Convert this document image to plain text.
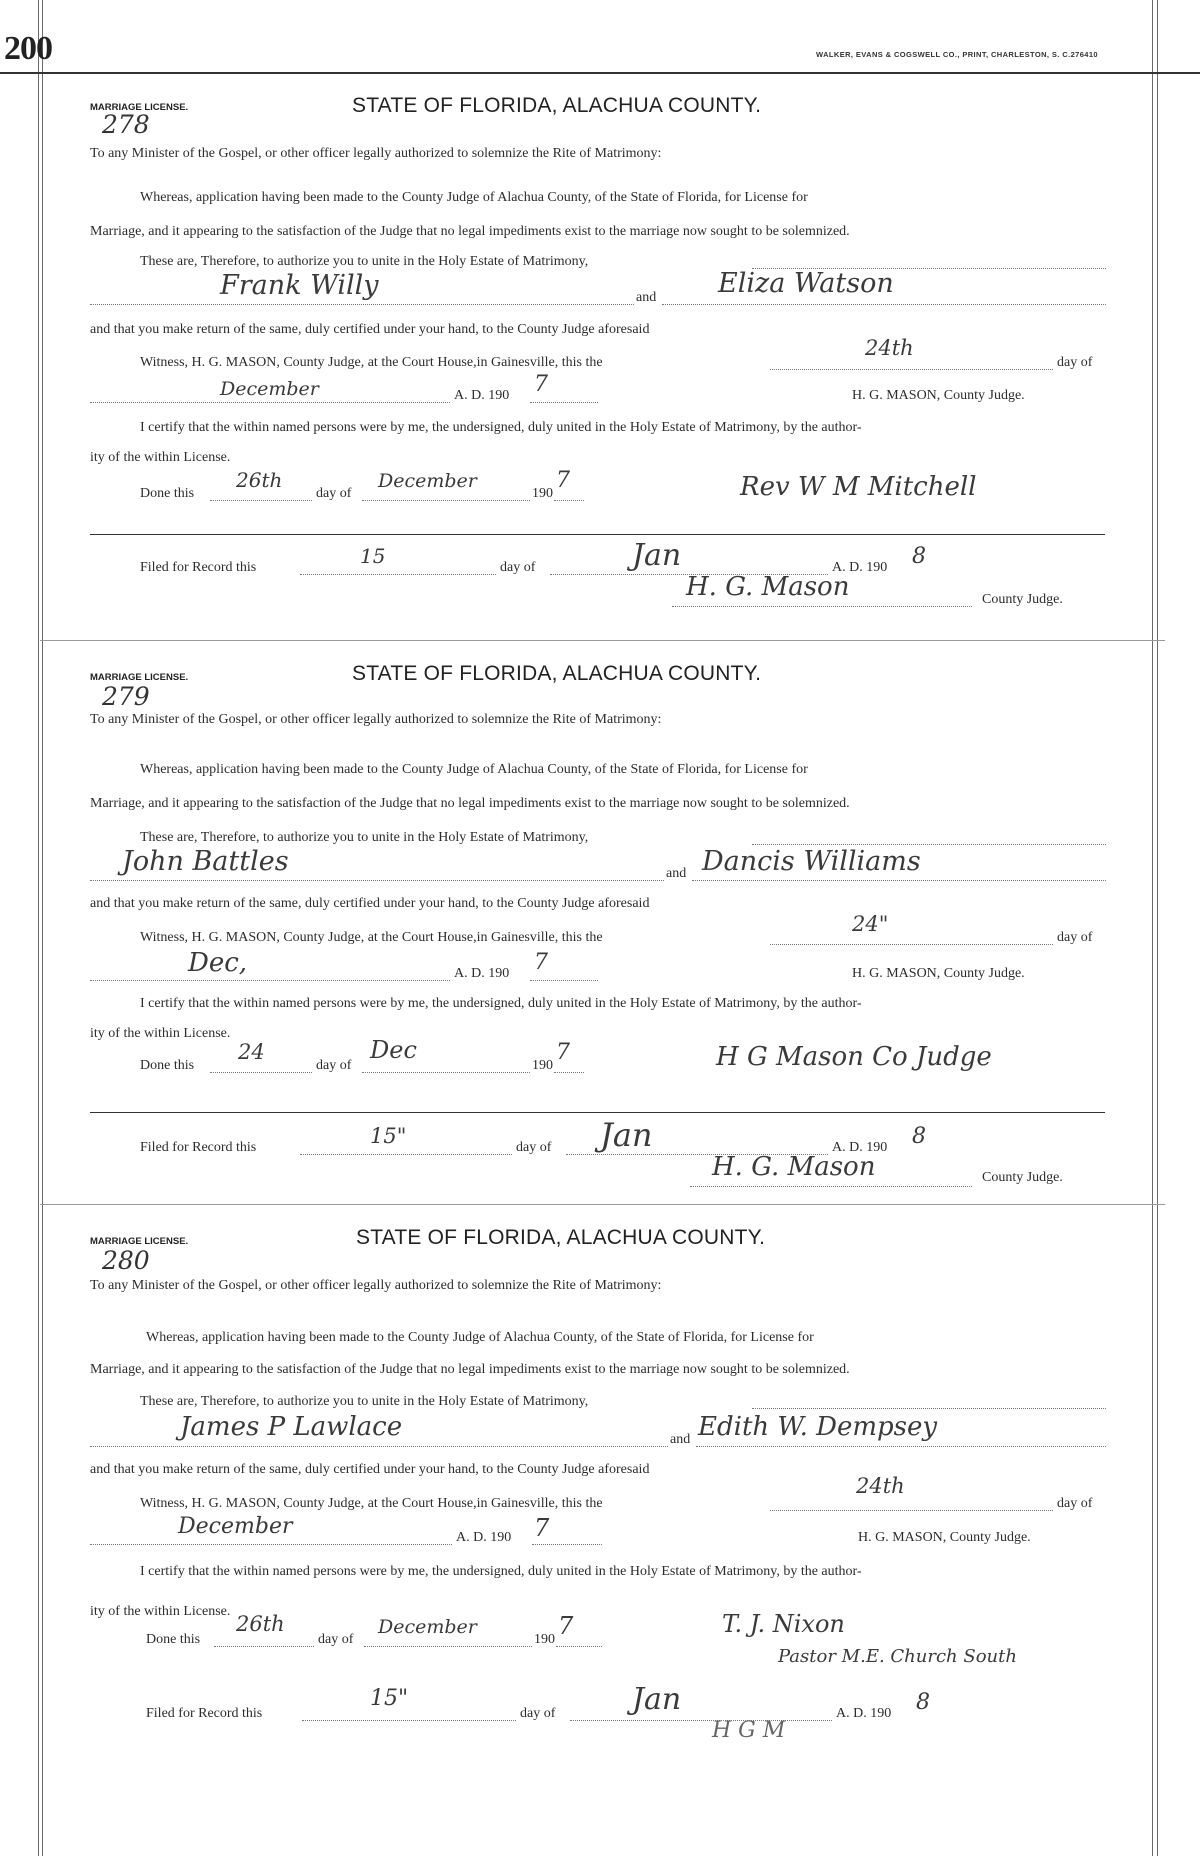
200	WALKER, EVANS & COGSWELL CO., PRINT, CHARLESTON, S. C.276410
MARRIAGE LICENSE.
278
STATE OF FLORIDA, ALACHUA COUNTY.
To any Minister of the Gospel, or other officer legally authorized to solemnize the Rite of Matrimony:
Whereas, application having been made to the County Judge of Alachua County, of the State of Florida, for License for
Marriage, and it appearing to the satisfaction of the Judge that no legal impediments exist to the marriage now sought to be solemnized.
These are, Therefore, to authorize you to unite in the Holy Estate of Matrimony,
Frank Willy	and Eliza Watson
and that you make return of the same, duly certified under your hand, to the County Judge aforesaid
Witness, H. G. MASON, County Judge, at the Court House,in Gainesville, this the
24th
day of
December	A. D. 190 7	H. G. MASON, County Judge.
I certify that the within named persons were by me, the undersigned, duly united in the Holy Estate of Matrimony, by the author-
ity of the within License.
Done this
26th
day of
December
190
7	Rev W M Mitchell
Filed for Record this	15	day of	Jan	A. D. 190 8
H. G. Mason	County Judge.
MARRIAGE LICENSE.
279
STATE OF FLORIDA, ALACHUA COUNTY.
To any Minister of the Gospel, or other officer legally authorized to solemnize the Rite of Matrimony:
Whereas, application having been made to the County Judge of Alachua County, of the State of Florida, for License for
Marriage, and it appearing to the satisfaction of the Judge that no legal impediments exist to the marriage now sought to be solemnized.
These are, Therefore, to authorize you to unite in the Holy Estate of Matrimony,
John Battles	and Dancis Williams
and that you make return of the same, duly certified under your hand, to the County Judge aforesaid
Witness, H. G. MASON, County Judge, at the Court House,in Gainesville, this the
24"
day of
Dec,	A. D. 190 7	H. G. MASON, County Judge.
I certify that the within named persons were by me, the undersigned, duly united in the Holy Estate of Matrimony, by the author-
ity of the within License.
Done this
24
day of
Dec
190
7	H G Mason Co Judge
Filed for Record this	15"	day of Jan	A. D. 190 8
H. G. Mason	County Judge.
MARRIAGE LICENSE.
280
STATE OF FLORIDA, ALACHUA COUNTY.
To any Minister of the Gospel, or other officer legally authorized to solemnize the Rite of Matrimony:
Whereas, application having been made to the County Judge of Alachua County, of the State of Florida, for License for
Marriage, and it appearing to the satisfaction of the Judge that no legal impediments exist to the marriage now sought to be solemnized.
These are, Therefore, to authorize you to unite in the Holy Estate of Matrimony,
James P Lawlace	and Edith W. Dempsey
and that you make return of the same, duly certified under your hand, to the County Judge aforesaid
Witness, H. G. MASON, County Judge, at the Court House,in Gainesville, this the
24th
day of
December	A. D. 190 7	H. G. MASON, County Judge.
I certify that the within named persons were by me, the undersigned, duly united in the Holy Estate of Matrimony, by the author-
ity of the within License.
Done this
26th
day of
December
190 7	T. J. Nixon
Pastor M.E. Church South
Filed for Record this
15"
day of	Jan	A. D. 190 8
H G M
